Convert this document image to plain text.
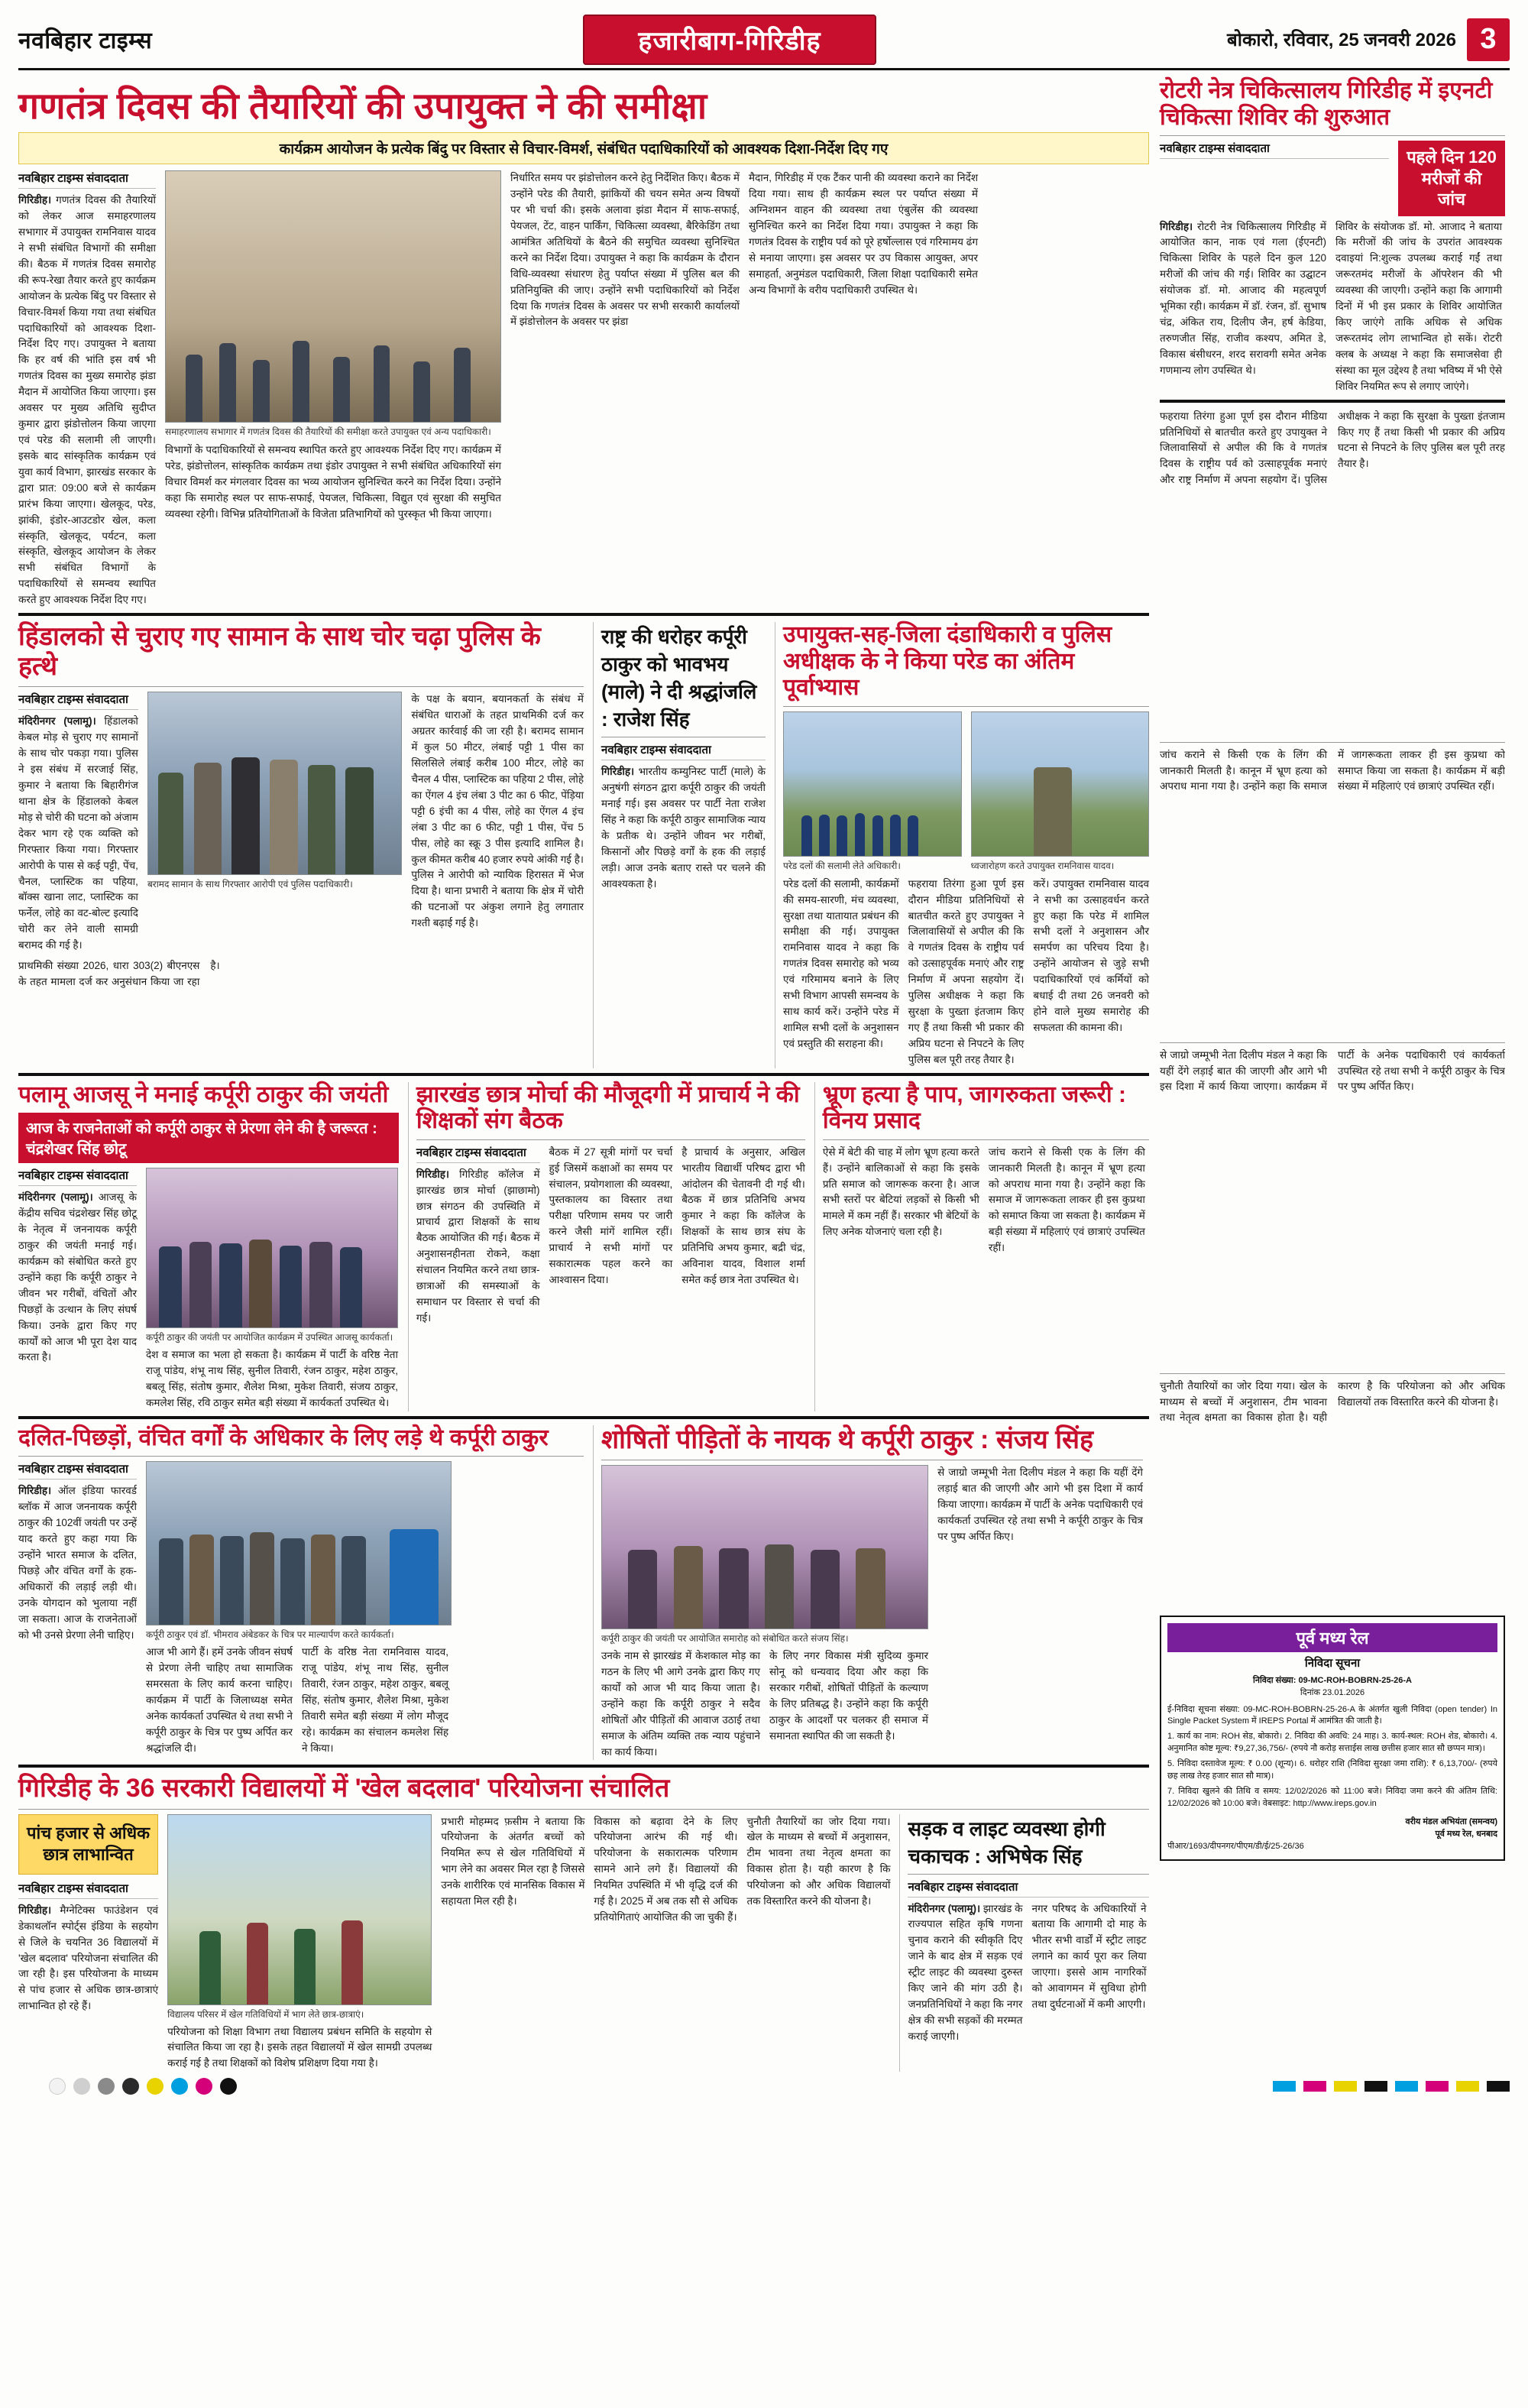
नवबिहार टाइम्स	हजारीबाग-गिरिडीह	बोकारो, रविवार, 25 जनवरी 2026 3
गणतंत्र दिवस की तैयारियों की उपायुक्त ने की समीक्षा
कार्यक्रम आयोजन के प्रत्येक बिंदु पर विस्तार से विचार-विमर्श, संबंधित पदाधिकारियों को आवश्यक दिशा-निर्देश दिए गए
नवबिहार टाइम्स संवाददाता
गिरिडीह। गणतंत्र दिवस की तैयारियों को लेकर आज समाहरणालय सभागार में उपायुक्त रामनिवास यादव ने सभी संबंधित विभागों की समीक्षा की। बैठक में गणतंत्र दिवस समारोह की रूप-रेखा तैयार करते हुए कार्यक्रम आयोजन के प्रत्येक बिंदु पर विस्तार से विचार-विमर्श किया गया तथा संबंधित पदाधिकारियों को आवश्यक दिशा-निर्देश दिए गए। उपायुक्त ने बताया कि हर वर्ष की भांति इस वर्ष भी गणतंत्र दिवस का मुख्य समारोह झंडा मैदान में आयोजित किया जाएगा। इस अवसर पर मुख्य अतिथि सुदीप्त कुमार द्वारा झंडोत्तोलन किया जाएगा एवं परेड की सलामी ली जाएगी। इसके बाद सांस्कृतिक कार्यक्रम एवं युवा कार्य विभाग, झारखंड सरकार के द्वारा प्रात: 09:00 बजे से कार्यक्रम प्रारंभ किया जाएगा। खेलकूद, परेड, झांकी, इंडोर-आउटडोर खेल, कला संस्कृति, खेलकूद, पर्यटन, कला संस्कृति, खेलकूद आयोजन के लेकर सभी संबंधित विभागों के पदाधिकारियों से समन्वय स्थापित करते हुए आवश्यक निर्देश दिए गए।
समाहरणालय सभागार में गणतंत्र दिवस की तैयारियों की समीक्षा करते उपायुक्त एवं अन्य पदाधिकारी।
विभागों के पदाधिकारियों से समन्वय स्थापित करते हुए आवश्यक निर्देश दिए गए। कार्यक्रम में परेड, झंडोत्तोलन, सांस्कृतिक कार्यक्रम तथा इंडोर उपायुक्त ने सभी संबंधित अधिकारियों संग विचार विमर्श कर मंगलवार दिवस का भव्य आयोजन सुनिश्चित करने का निर्देश दिया। उन्होंने कहा कि समारोह स्थल पर साफ-सफाई, पेयजल, चिकित्सा, विद्युत एवं सुरक्षा की समुचित व्यवस्था रहेगी। विभिन्न प्रतियोगिताओं के विजेता प्रतिभागियों को पुरस्कृत भी किया जाएगा।
निर्धारित समय पर झंडोत्तोलन करने हेतु निर्देशित किए। बैठक में उन्होंने परेड की तैयारी, झांकियों की चयन समेत अन्य विषयों पर भी चर्चा की। इसके अलावा झंडा मैदान में साफ-सफाई, पेयजल, टेंट, वाहन पार्किंग, चिकित्सा व्यवस्था, बैरिकेडिंग तथा आमंत्रित अतिथियों के बैठने की समुचित व्यवस्था सुनिश्चित करने का निर्देश दिया। उपायुक्त ने कहा कि कार्यक्रम के दौरान विधि-व्यवस्था संधारण हेतु पर्याप्त संख्या में पुलिस बल की प्रतिनियुक्ति की जाए। उन्होंने सभी पदाधिकारियों को निर्देश दिया कि गणतंत्र दिवस के अवसर पर सभी सरकारी कार्यालयों में झंडोत्तोलन के अवसर पर झंडा
मैदान, गिरिडीह में एक टैंकर पानी की व्यवस्था कराने का निर्देश दिया गया। साथ ही कार्यक्रम स्थल पर पर्याप्त संख्या में अग्निशमन वाहन की व्यवस्था तथा एंबुलेंस की व्यवस्था सुनिश्चित करने का निर्देश दिया गया। उपायुक्त ने कहा कि गणतंत्र दिवस के राष्ट्रीय पर्व को पूरे हर्षोल्लास एवं गरिमामय ढंग से मनाया जाएगा। इस अवसर पर उप विकास आयुक्त, अपर समाहर्ता, अनुमंडल पदाधिकारी, जिला शिक्षा पदाधिकारी समेत अन्य विभागों के वरीय पदाधिकारी उपस्थित थे।
हिंडालको से चुराए गए सामान के साथ चोर चढ़ा पुलिस के हत्थे
नवबिहार टाइम्स संवाददाता
मंदिरीनगर (पलामू)। हिंडालको केबल मोड़ से चुराए गए सामानों के साथ चोर पकड़ा गया। पुलिस ने इस संबंध में सरजाई सिंह, कुमार ने बताया कि बिहारीगंज थाना क्षेत्र के हिंडालको केबल मोड़ से चोरी की घटना को अंजाम देकर भाग रहे एक व्यक्ति को गिरफ्तार किया गया। गिरफ्तार आरोपी के पास से कई पट्टी, पेंच, चैनल, प्लास्टिक का पहिया, बॉक्स खाना लाट, प्लास्टिक का फर्नेल, लोहे का वट-बोल्ट इत्यादि चोरी कर लेने वाली सामग्री बरामद की गई है।
बरामद सामान के साथ गिरफ्तार आरोपी एवं पुलिस पदाधिकारी।
के पक्ष के बयान, बयानकर्ता के संबंध में संबंधित धाराओं के तहत प्राथमिकी दर्ज कर अग्रतर कार्रवाई की जा रही है। बरामद सामान में कुल 50 मीटर, लंबाई पट्टी 1 पीस का सिलसिले लंबाई करीब 100 मीटर, लोहे का चैनल 4 पीस, प्लास्टिक का पहिया 2 पीस, लोहे का ऐंगल 4 इंच लंबा 3 पीट का 6 फीट, पेंड़िया पट्टी 6 इंची का 4 पीस, लोहे का ऐंगल 4 इंच लंबा 3 पीट का 6 फीट, पट्टी 1 पीस, पेंच 5 पीस, लोहे का स्क्रू 3 पीस इत्यादि शामिल है। कुल कीमत करीब 40 हजार रुपये आंकी गई है। पुलिस ने आरोपी को न्यायिक हिरासत में भेज दिया है। थाना प्रभारी ने बताया कि क्षेत्र में चोरी की घटनाओं पर अंकुश लगाने हेतु लगातार गश्ती बढ़ाई गई है।
प्राथमिकी संख्या 2026, धारा 303(2) बीएनएस के तहत मामला दर्ज कर अनुसंधान किया जा रहा है।
राष्ट्र की धरोहर कर्पूरी ठाकुर को भावभय (माले) ने दी श्रद्धांजलि : राजेश सिंह
नवबिहार टाइम्स संवाददाता
गिरिडीह। भारतीय कम्युनिस्ट पार्टी (माले) के अनुषंगी संगठन द्वारा कर्पूरी ठाकुर की जयंती मनाई गई। इस अवसर पर पार्टी नेता राजेश सिंह ने कहा कि कर्पूरी ठाकुर सामाजिक न्याय के प्रतीक थे। उन्होंने जीवन भर गरीबों, किसानों और पिछड़े वर्गों के हक की लड़ाई लड़ी। आज उनके बताए रास्ते पर चलने की आवश्यकता है।
उपायुक्त-सह-जिला दंडाधिकारी व पुलिस अधीक्षक के ने किया परेड का अंतिम पूर्वाभ्यास
परेड दलों की सलामी लेते अधिकारी।	ध्वजारोहण करते उपायुक्त रामनिवास यादव।
परेड दलों की सलामी, कार्यक्रमों की समय-सारणी, मंच व्यवस्था, सुरक्षा तथा यातायात प्रबंधन की समीक्षा की गई। उपायुक्त रामनिवास यादव ने कहा कि गणतंत्र दिवस समारोह को भव्य एवं गरिमामय बनाने के लिए सभी विभाग आपसी समन्वय के साथ कार्य करें। उन्होंने परेड में शामिल सभी दलों के अनुशासन एवं प्रस्तुति की सराहना की।
फहराया तिरंगा हुआ पूर्ण इस दौरान मीडिया प्रतिनिधियों से बातचीत करते हुए उपायुक्त ने जिलावासियों से अपील की कि वे गणतंत्र दिवस के राष्ट्रीय पर्व को उत्साहपूर्वक मनाएं और राष्ट्र निर्माण में अपना सहयोग दें। पुलिस अधीक्षक ने कहा कि सुरक्षा के पुख्ता इंतजाम किए गए हैं तथा किसी भी प्रकार की अप्रिय घटना से निपटने के लिए पुलिस बल पूरी तरह तैयार है।
करें। उपायुक्त रामनिवास यादव ने सभी का उत्साहवर्धन करते हुए कहा कि परेड में शामिल सभी दलों ने अनुशासन और समर्पण का परिचय दिया है। उन्होंने आयोजन से जुड़े सभी पदाधिकारियों एवं कर्मियों को बधाई दी तथा 26 जनवरी को होने वाले मुख्य समारोह की सफलता की कामना की।
पलामू आजसू ने मनाई कर्पूरी ठाकुर की जयंती
आज के राजनेताओं को कर्पूरी ठाकुर से प्रेरणा लेने की है जरूरत : चंद्रशेखर सिंह छोटू
नवबिहार टाइम्स संवाददाता
मंदिरीनगर (पलामू)। आजसू के केंद्रीय सचिव चंद्रशेखर सिंह छोटू के नेतृत्व में जननायक कर्पूरी ठाकुर की जयंती मनाई गई। कार्यक्रम को संबोधित करते हुए उन्होंने कहा कि कर्पूरी ठाकुर ने जीवन भर गरीबों, वंचितों और पिछड़ों के उत्थान के लिए संघर्ष किया। उनके द्वारा किए गए कार्यों को आज भी पूरा देश याद करता है।
कर्पूरी ठाकुर की जयंती पर आयोजित कार्यक्रम में उपस्थित आजसू कार्यकर्ता।
देश व समाज का भला हो सकता है। कार्यक्रम में पार्टी के वरिष्ठ नेता राजू पांडेय, शंभू नाथ सिंह, सुनील तिवारी, रंजन ठाकुर, महेश ठाकुर, बबलू सिंह, संतोष कुमार, शैलेश मिश्रा, मुकेश तिवारी, संजय ठाकुर, कमलेश सिंह, रवि ठाकुर समेत बड़ी संख्या में कार्यकर्ता उपस्थित थे।
झारखंड छात्र मोर्चा की मौजूदगी में प्राचार्य ने की शिक्षकों संग बैठक
नवबिहार टाइम्स संवाददाता
गिरिडीह। गिरिडीह कॉलेज में झारखंड छात्र मोर्चा (झाछामो) छात्र संगठन की उपस्थिति में प्राचार्य द्वारा शिक्षकों के साथ बैठक आयोजित की गई। बैठक में अनुशासनहीनता रोकने, कक्षा संचालन नियमित करने तथा छात्र-छात्राओं की समस्याओं के समाधान पर विस्तार से चर्चा की गई।
बैठक में 27 सूत्री मांगों पर चर्चा हुई जिसमें कक्षाओं का समय पर संचालन, प्रयोगशाला की व्यवस्था, पुस्तकालय का विस्तार तथा परीक्षा परिणाम समय पर जारी करने जैसी मांगें शामिल रहीं। प्राचार्य ने सभी मांगों पर सकारात्मक पहल करने का आश्वासन दिया।
है प्राचार्य के अनुसार, अखिल भारतीय विद्यार्थी परिषद द्वारा भी आंदोलन की चेतावनी दी गई थी। बैठक में छात्र प्रतिनिधि अभय कुमार ने कहा कि कॉलेज के शिक्षकों के साथ छात्र संघ के प्रतिनिधि अभय कुमार, बद्री चंद्र, अविनाश यादव, विशाल शर्मा समेत कई छात्र नेता उपस्थित थे।
भ्रूण हत्या है पाप, जागरुकता जरूरी : विनय प्रसाद
ऐसे में बेटी की चाह में लोग भ्रूण हत्या करते हैं। उन्होंने बालिकाओं से कहा कि इसके प्रति समाज को जागरूक करना है। आज सभी स्तरों पर बेटियां लड़कों से किसी भी मामले में कम नहीं हैं। सरकार भी बेटियों के लिए अनेक योजनाएं चला रही है।
जांच कराने से किसी एक के लिंग की जानकारी मिलती है। कानून में भ्रूण हत्या को अपराध माना गया है। उन्होंने कहा कि समाज में जागरूकता लाकर ही इस कुप्रथा को समाप्त किया जा सकता है। कार्यक्रम में बड़ी संख्या में महिलाएं एवं छात्राएं उपस्थित रहीं।
दलित-पिछड़ों, वंचित वर्गों के अधिकार के लिए लड़े थे कर्पूरी ठाकुर
नवबिहार टाइम्स संवाददाता
गिरिडीह। ऑल इंडिया फारवर्ड ब्लॉक में आज जननायक कर्पूरी ठाकुर की 102वीं जयंती पर उन्हें याद करते हुए कहा गया कि उन्होंने भारत समाज के दलित, पिछड़े और वंचित वर्गों के हक-अधिकारों की लड़ाई लड़ी थी। उनके योगदान को भुलाया नहीं जा सकता। आज के राजनेताओं को भी उनसे प्रेरणा लेनी चाहिए। कर्पूरी ठाकुर एवं डॉ. भीमराव अंबेडकर के चित्र पर माल्यार्पण करते कार्यकर्ता।
आज भी आगे हैं। हमें उनके जीवन संघर्ष से प्रेरणा लेनी चाहिए तथा सामाजिक समरसता के लिए कार्य करना चाहिए। कार्यक्रम में पार्टी के जिलाध्यक्ष समेत अनेक कार्यकर्ता उपस्थित थे तथा सभी ने कर्पूरी ठाकुर के चित्र पर पुष्प अर्पित कर श्रद्धांजलि दी।
पार्टी के वरिष्ठ नेता रामनिवास यादव, राजू पांडेय, शंभू नाथ सिंह, सुनील तिवारी, रंजन ठाकुर, महेश ठाकुर, बबलू सिंह, संतोष कुमार, शैलेश मिश्रा, मुकेश तिवारी समेत बड़ी संख्या में लोग मौजूद रहे। कार्यक्रम का संचालन कमलेश सिंह ने किया।
शोषितों पीड़ितों के नायक थे कर्पूरी ठाकुर : संजय सिंह
कर्पूरी ठाकुर की जयंती पर आयोजित समारोह को संबोधित करते संजय सिंह।
उनके नाम से झारखंड में केशकाल मोड़ का गठन के लिए भी आगे उनके द्वारा किए गए कार्यों को आज भी याद किया जाता है। उन्होंने कहा कि कर्पूरी ठाकुर ने सदैव शोषितों और पीड़ितों की आवाज उठाई तथा समाज के अंतिम व्यक्ति तक न्याय पहुंचाने का कार्य किया।
के लिए नगर विकास मंत्री सुदिव्य कुमार सोनू को धन्यवाद दिया और कहा कि सरकार गरीबों, शोषितों पीड़ितों के कल्याण के लिए प्रतिबद्ध है। उन्होंने कहा कि कर्पूरी ठाकुर के आदर्शों पर चलकर ही समाज में समानता स्थापित की जा सकती है।
से जाग्रो जम्मूभी नेता दिलीप मंडल ने कहा कि यहीं देंगे लड़ाई बात की जाएगी और आगे भी इस दिशा में कार्य किया जाएगा। कार्यक्रम में पार्टी के अनेक पदाधिकारी एवं कार्यकर्ता उपस्थित रहे तथा सभी ने कर्पूरी ठाकुर के चित्र पर पुष्प अर्पित किए।
गिरिडीह के 36 सरकारी विद्यालयों में 'खेल बदलाव' परियोजना संचालित
पांच हजार से अधिक छात्र लाभान्वित
नवबिहार टाइम्स संवाददाता
गिरिडीह। मैग्नेटिक्स फाउंडेशन एवं डेकाथलॉन स्पोर्ट्स इंडिया के सहयोग से जिले के चयनित 36 विद्यालयों में 'खेल बदलाव' परियोजना संचालित की जा रही है। इस परियोजना के माध्यम से पांच हजार से अधिक छात्र-छात्राएं लाभान्वित हो रहे हैं।
विद्यालय परिसर में खेल गतिविधियों में भाग लेते छात्र-छात्राएं।
परियोजना को शिक्षा विभाग तथा विद्यालय प्रबंधन समिति के सहयोग से संचालित किया जा रहा है। इसके तहत विद्यालयों में खेल सामग्री उपलब्ध कराई गई है तथा शिक्षकों को विशेष प्रशिक्षण दिया गया है।
प्रभारी मोहम्मद फ़सीम ने बताया कि परियोजना के अंतर्गत बच्चों को नियमित रूप से खेल गतिविधियों में भाग लेने का अवसर मिल रहा है जिससे उनके शारीरिक एवं मानसिक विकास में सहायता मिल रही है।
विकास को बढ़ावा देने के लिए परियोजना आरंभ की गई थी। परियोजना के सकारात्मक परिणाम सामने आने लगे हैं। विद्यालयों की नियमित उपस्थिति में भी वृद्धि दर्ज की गई है। 2025 में अब तक सौ से अधिक प्रतियोगिताएं आयोजित की जा चुकी हैं।
चुनौती तैयारियों का जोर दिया गया। खेल के माध्यम से बच्चों में अनुशासन, टीम भावना तथा नेतृत्व क्षमता का विकास होता है। यही कारण है कि परियोजना को और अधिक विद्यालयों तक विस्तारित करने की योजना है।
सड़क व लाइट व्यवस्था होगी चकाचक : अभिषेक सिंह
नवबिहार टाइम्स संवाददाता
मंदिरीनगर (पलामू)। झारखंड के राज्यपाल सहित कृषि गणना चुनाव कराने की स्वीकृति दिए जाने के बाद क्षेत्र में सड़क एवं स्ट्रीट लाइट की व्यवस्था दुरुस्त किए जाने की मांग उठी है। जनप्रतिनिधियों ने कहा कि नगर क्षेत्र की सभी सड़कों की मरम्मत कराई जाएगी।
नगर परिषद के अधिकारियों ने बताया कि आगामी दो माह के भीतर सभी वार्डों में स्ट्रीट लाइट लगाने का कार्य पूरा कर लिया जाएगा। इससे आम नागरिकों को आवागमन में सुविधा होगी तथा दुर्घटनाओं में कमी आएगी।
रोटरी नेत्र चिकित्सालय गिरिडीह में इएनटी चिकित्सा शिविर की शुरुआत
नवबिहार टाइम्स संवाददाता	पहले दिन 120 मरीजों की जांच
गिरिडीह। रोटरी नेत्र चिकित्सालय गिरिडीह में आयोजित कान, नाक एवं गला (ईएनटी) चिकित्सा शिविर के पहले दिन कुल 120 मरीजों की जांच की गई। शिविर का उद्घाटन संयोजक डॉ. मो. आजाद की महत्वपूर्ण भूमिका रही। कार्यक्रम में डॉ. रंजन, डॉ. सुभाष चंद्र, अंकित राय, दिलीप जैन, हर्ष केडिया, तरुणजीत सिंह, राजीव कश्यप, अमित डे, विकास बंसीधरन, शरद सरावगी समेत अनेक गणमान्य लोग उपस्थित थे।
शिविर के संयोजक डॉ. मो. आजाद ने बताया कि मरीजों की जांच के उपरांत आवश्यक दवाइयां नि:शुल्क उपलब्ध कराई गईं तथा जरूरतमंद मरीजों के ऑपरेशन की भी व्यवस्था की जाएगी। उन्होंने कहा कि आगामी दिनों में भी इस प्रकार के शिविर आयोजित किए जाएंगे ताकि अधिक से अधिक जरूरतमंद लोग लाभान्वित हो सकें। रोटरी क्लब के अध्यक्ष ने कहा कि समाजसेवा ही संस्था का मूल उद्देश्य है तथा भविष्य में भी ऐसे शिविर नियमित रूप से लगाए जाएंगे।
फहराया तिरंगा हुआ पूर्ण इस दौरान मीडिया प्रतिनिधियों से बातचीत करते हुए उपायुक्त ने जिलावासियों से अपील की कि वे गणतंत्र दिवस के राष्ट्रीय पर्व को उत्साहपूर्वक मनाएं और राष्ट्र निर्माण में अपना सहयोग दें। पुलिस अधीक्षक ने कहा कि सुरक्षा के पुख्ता इंतजाम किए गए हैं तथा किसी भी प्रकार की अप्रिय घटना से निपटने के लिए पुलिस बल पूरी तरह तैयार है।
जांच कराने से किसी एक के लिंग की जानकारी मिलती है। कानून में भ्रूण हत्या को अपराध माना गया है। उन्होंने कहा कि समाज में जागरूकता लाकर ही इस कुप्रथा को समाप्त किया जा सकता है। कार्यक्रम में बड़ी संख्या में महिलाएं एवं छात्राएं उपस्थित रहीं।
से जाग्रो जम्मूभी नेता दिलीप मंडल ने कहा कि यहीं देंगे लड़ाई बात की जाएगी और आगे भी इस दिशा में कार्य किया जाएगा। कार्यक्रम में पार्टी के अनेक पदाधिकारी एवं कार्यकर्ता उपस्थित रहे तथा सभी ने कर्पूरी ठाकुर के चित्र पर पुष्प अर्पित किए।
चुनौती तैयारियों का जोर दिया गया। खेल के माध्यम से बच्चों में अनुशासन, टीम भावना तथा नेतृत्व क्षमता का विकास होता है। यही कारण है कि परियोजना को और अधिक विद्यालयों तक विस्तारित करने की योजना है।
पूर्व मध्य रेल
निविदा सूचना
निविदा संख्या: 09-MC-ROH-BOBRN-25-26-A
दिनांक 23.01.2026
ई-निविदा सूचना संख्या: 09-MC-ROH-BOBRN-25-26-A के अंतर्गत खुली निविदा (open tender) In Single Packet System में IREPS Portal में आमंत्रित की जाती है।
1. कार्य का नाम: ROH सेड, बोकारो। 2. निविदा की अवधि: 24 माह। 3. कार्य-स्थल: ROH शेड, बोकारो। 4. अनुमानित कोष्ट मूल्य: ₹9,27,36,756/- (रुपये नौ करोड़ सत्ताईस लाख छत्तीस हजार सात सौ छप्पन मात्र)।
5. निविदा दस्तावेज मूल्य: ₹ 0.00 (शून्य)। 6. धरोहर राशि (निविदा सुरक्षा जमा राशि): ₹ 6,13,700/- (रुपये छह लाख तेरह हजार सात सौ मात्र)।
7. निविदा खुलने की तिथि व समय: 12/02/2026 को 11:00 बजे। निविदा जमा करने की अंतिम तिथि: 12/02/2026 को 10:00 बजे। वेबसाइट: http://www.ireps.gov.in
वरीय मंडल अभियंता (समन्वय)
पूर्व मध्य रेल, धनबाद
पीआर/1693/दीपनगर/पीएम/डी/ई/25-26/36
